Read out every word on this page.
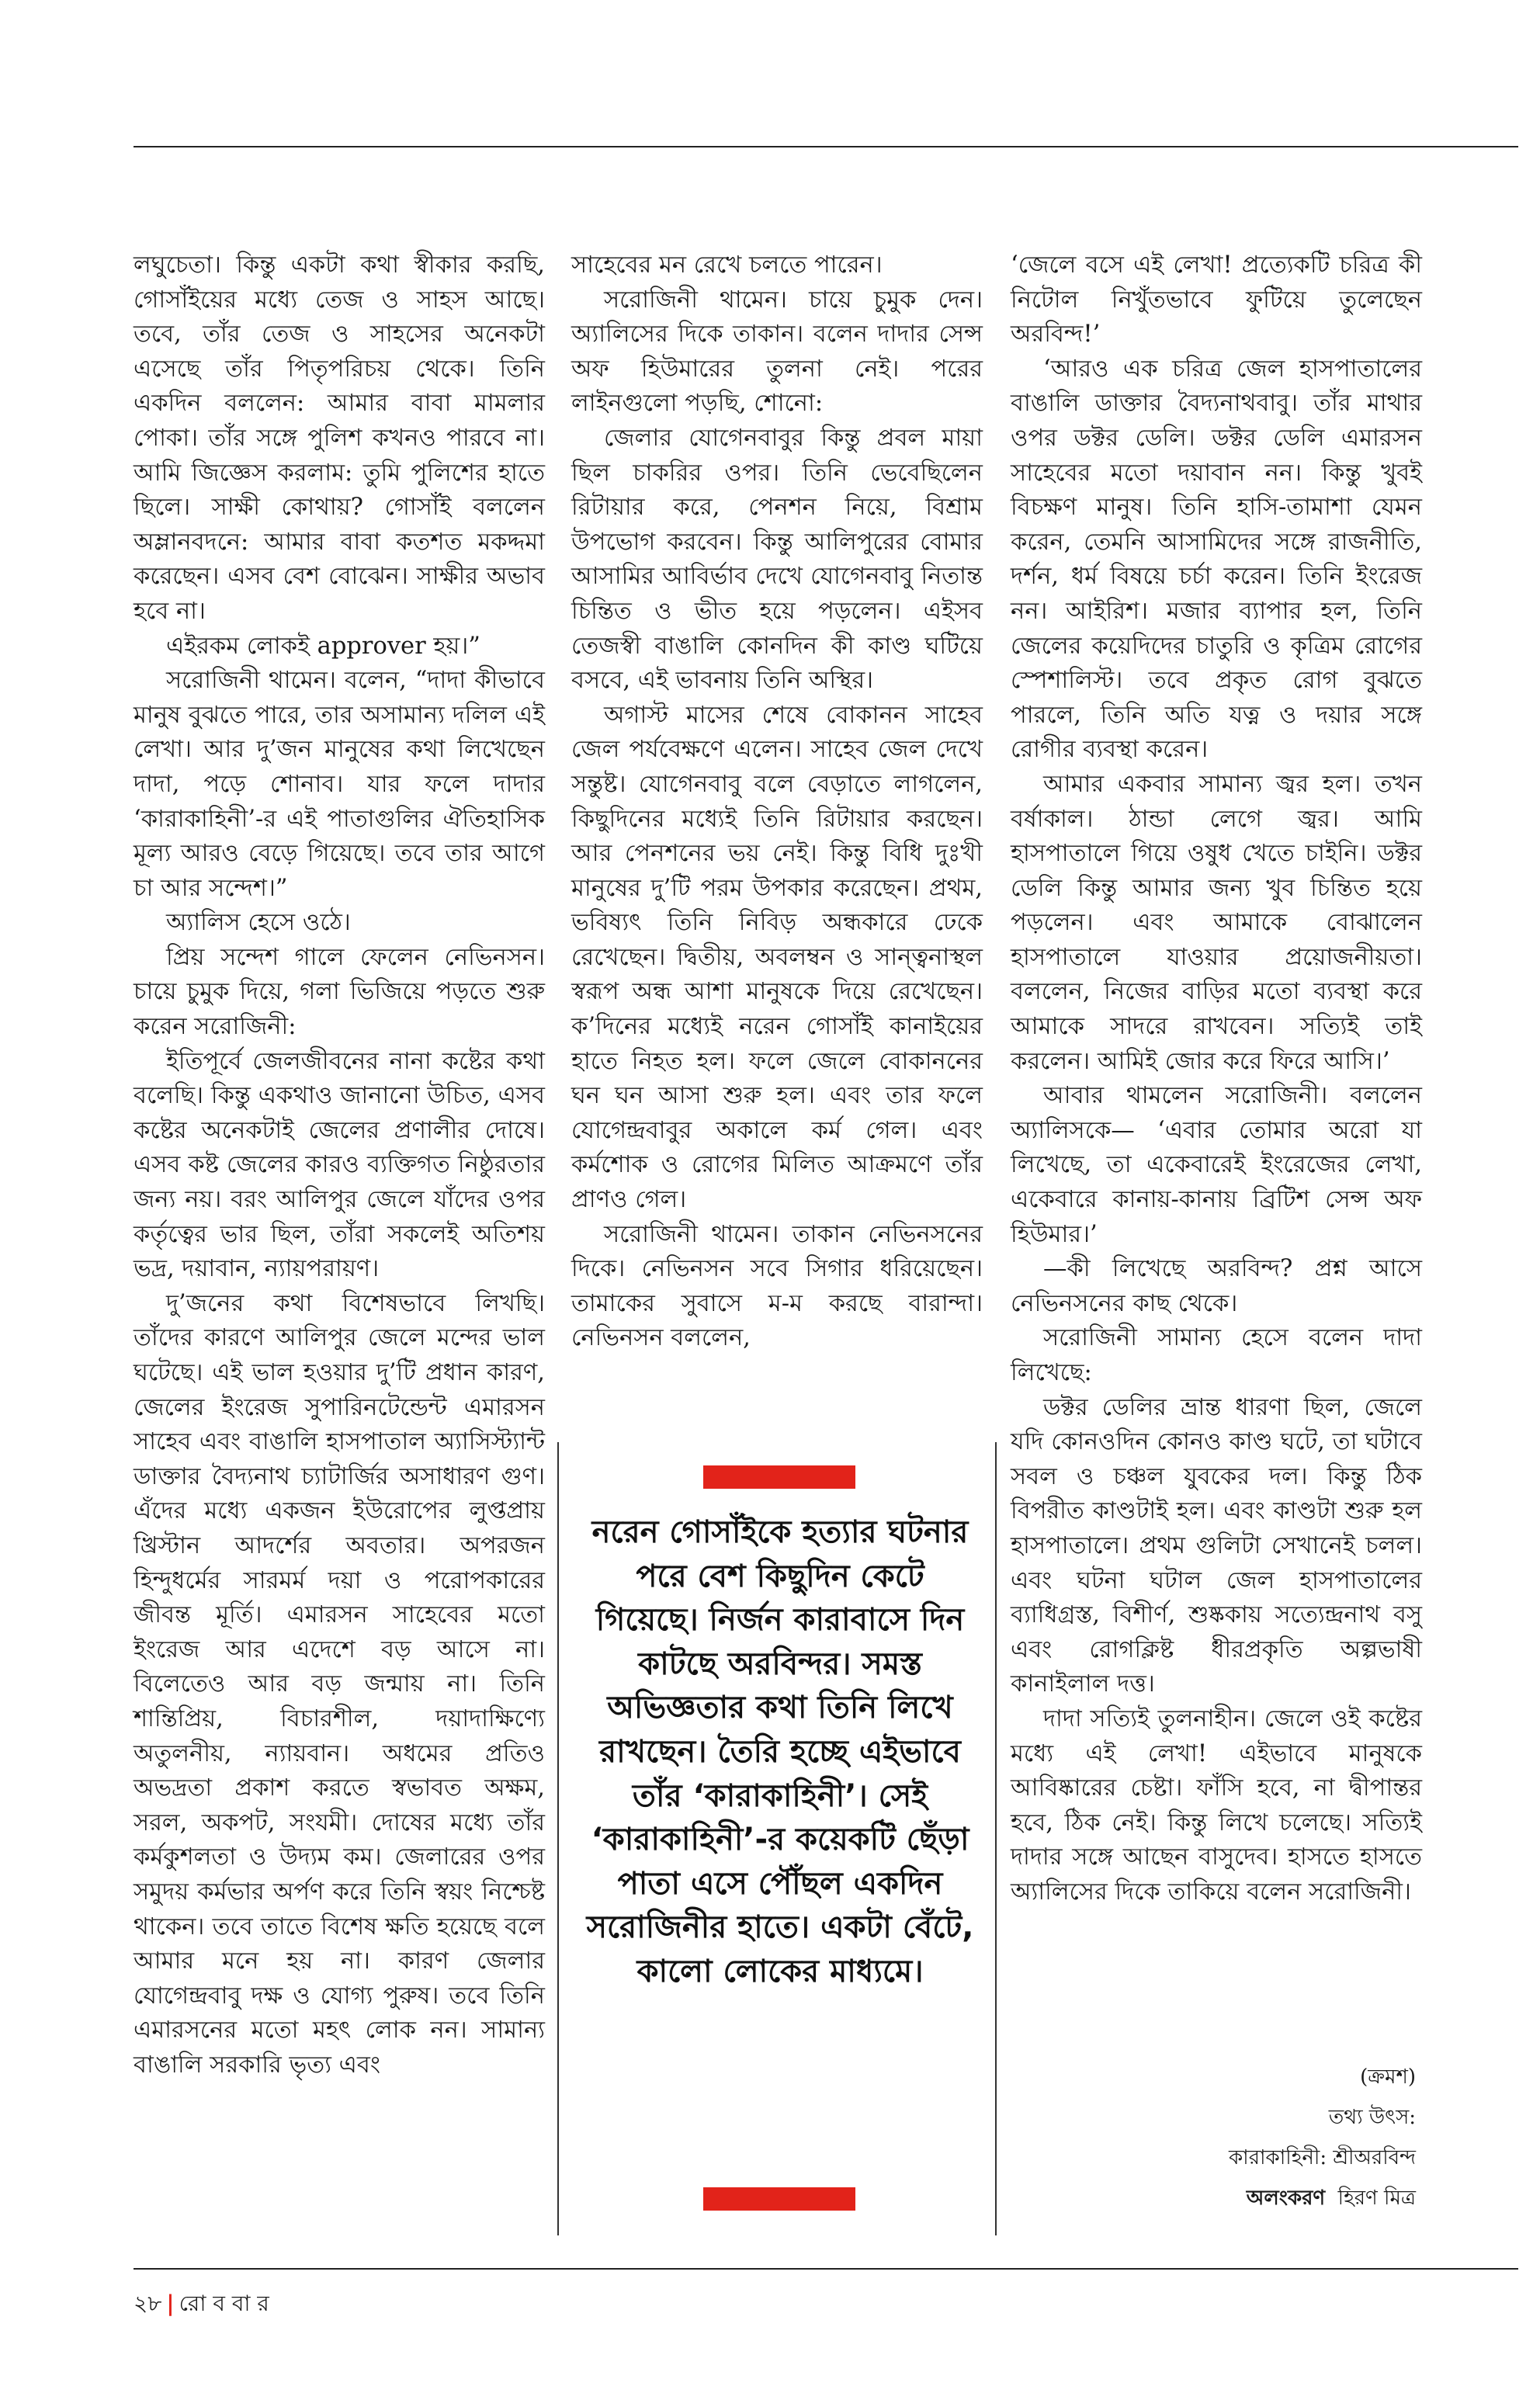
লঘুচেতা। কিন্তু একটা কথা স্বীকার করছি, গোসাঁইয়ের মধ্যে তেজ ও সাহস আছে। তবে, তাঁর তেজ ও সাহসের অনেকটা এসেছে তাঁর পিতৃপরিচয় থেকে। তিনি একদিন বললেন: আমার বাবা মামলার পোকা। তাঁর সঙ্গে পুলিশ কখনও পারবে না। আমি জিজ্ঞেস করলাম: তুমি পুলিশের হাতে ছিলে। সাক্ষী কোথায়? গোসাঁই বললেন অম্লানবদনে: আমার বাবা কতশত মকদ্দমা করেছেন। এসব বেশ বোঝেন। সাক্ষীর অভাব হবে না।

এইরকম লোকই approver হয়।”

সরোজিনী থামেন। বলেন, “দাদা কীভাবে মানুষ বুঝতে পারে, তার অসামান্য দলিল এই লেখা। আর দু’জন মানুষের কথা লিখেছেন দাদা, পড়ে শোনাব। যার ফলে দাদার ‘কারাকাহিনী’-র এই পাতাগুলির ঐতিহাসিক মূল্য আরও বেড়ে গিয়েছে। তবে তার আগে চা আর সন্দেশ।”

অ্যালিস হেসে ওঠে।

প্রিয় সন্দেশ গালে ফেলেন নেভিনসন। চায়ে চুমুক দিয়ে, গলা ভিজিয়ে পড়তে শুরু করেন সরোজিনী:

ইতিপূর্বে জেলজীবনের নানা কষ্টের কথা বলেছি। কিন্তু একথাও জানানো উচিত, এসব কষ্টের অনেকটাই জেলের প্রণালীর দোষে। এসব কষ্ট জেলের কারও ব্যক্তিগত নিষ্ঠুরতার জন্য নয়। বরং আলিপুর জেলে যাঁদের ওপর কর্তৃত্বের ভার ছিল, তাঁরা সকলেই অতিশয় ভদ্র, দয়াবান, ন্যায়পরায়ণ।

দু’জনের কথা বিশেষভাবে লিখছি। তাঁদের কারণে আলিপুর জেলে মন্দের ভাল ঘটেছে। এই ভাল হওয়ার দু’টি প্রধান কারণ, জেলের ইংরেজ সুপারিনটেন্ডেন্ট এমারসন সাহেব এবং বাঙালি হাসপাতাল অ্যাসিস্ট্যান্ট ডাক্তার বৈদ্যনাথ চ্যাটার্জির অসাধারণ গুণ। এঁদের মধ্যে একজন ইউরোপের লুপ্তপ্রায় খ্রিস্টান আদর্শের অবতার। অপরজন হিন্দুধর্মের সারমর্ম দয়া ও পরোপকারের জীবন্ত মূর্তি। এমারসন সাহেবের মতো ইংরেজ আর এদেশে বড় আসে না। বিলেতেও আর বড় জন্মায় না। তিনি শান্তিপ্রিয়, বিচারশীল, দয়াদাক্ষিণ্যে অতুলনীয়, ন্যায়বান। অধমের প্রতিও অভদ্রতা প্রকাশ করতে স্বভাবত অক্ষম, সরল, অকপট, সংযমী। দোষের মধ্যে তাঁর কর্মকুশলতা ও উদ্যম কম। জেলারের ওপর সমুদয় কর্মভার অর্পণ করে তিনি স্বয়ং নিশ্চেষ্ট থাকেন। তবে তাতে বিশেষ ক্ষতি হয়েছে বলে আমার মনে হয় না। কারণ জেলার যোগেন্দ্রবাবু দক্ষ ও যোগ্য পুরুষ। তবে তিনি এমারসনের মতো মহৎ লোক নন। সামান্য বাঙালি সরকারি ভৃত্য এবং

সাহেবের মন রেখে চলতে পারেন।

সরোজিনী থামেন। চায়ে চুমুক দেন। অ্যালিসের দিকে তাকান। বলেন দাদার সেন্স অফ হিউমারের তুলনা নেই। পরের লাইনগুলো পড়ছি, শোনো:

জেলার যোগেনবাবুর কিন্তু প্রবল মায়া ছিল চাকরির ওপর। তিনি ভেবেছিলেন রিটায়ার করে, পেনশন নিয়ে, বিশ্রাম উপভোগ করবেন। কিন্তু আলিপুরের বোমার আসামির আবির্ভাব দেখে যোগেনবাবু নিতান্ত চিন্তিত ও ভীত হয়ে পড়লেন। এইসব তেজস্বী বাঙালি কোনদিন কী কাণ্ড ঘটিয়ে বসবে, এই ভাবনায় তিনি অস্থির।

অগাস্ট মাসের শেষে বোকানন সাহেব জেল পর্যবেক্ষণে এলেন। সাহেব জেল দেখে সন্তুষ্ট। যোগেনবাবু বলে বেড়াতে লাগলেন, কিছুদিনের মধ্যেই তিনি রিটায়ার করছেন। আর পেনশনের ভয় নেই। কিন্তু বিধি দুঃখী মানুষের দু’টি পরম উপকার করেছেন। প্রথম, ভবিষ্যৎ তিনি নিবিড় অন্ধকারে ঢেকে রেখেছেন। দ্বিতীয়, অবলম্বন ও সান্ত্বনাস্থল স্বরূপ অন্ধ আশা মানুষকে দিয়ে রেখেছেন। ক’দিনের মধ্যেই নরেন গোসাঁই কানাইয়ের হাতে নিহত হল। ফলে জেলে বোকাননের ঘন ঘন আসা শুরু হল। এবং তার ফলে যোগেন্দ্রবাবুর অকালে কর্ম গেল। এবং কর্মশোক ও রোগের মিলিত আক্রমণে তাঁর প্রাণও গেল।

সরোজিনী থামেন। তাকান নেভিনসনের দিকে। নেভিনসন সবে সিগার ধরিয়েছেন। তামাকের সুবাসে ম-ম করছে বারান্দা। নেভিনসন বললেন,

নরেন গোসাঁইকে হত্যার ঘটনার পরে বেশ কিছুদিন কেটে গিয়েছে। নির্জন কারাবাসে দিন কাটছে অরবিন্দর। সমস্ত অভিজ্ঞতার কথা তিনি লিখে রাখছেন। তৈরি হচ্ছে এইভাবে তাঁর ‘কারাকাহিনী’। সেই ‘কারাকাহিনী’-র কয়েকটি ছেঁড়া পাতা এসে পৌঁছল একদিন সরোজিনীর হাতে। একটা বেঁটে, কালো লোকের মাধ্যমে।

‘জেলে বসে এই লেখা! প্রত্যেকটি চরিত্র কী নিটোল নিখুঁতভাবে ফুটিয়ে তুলেছেন অরবিন্দ!’

‘আরও এক চরিত্র জেল হাসপাতালের বাঙালি ডাক্তার বৈদ্যনাথবাবু। তাঁর মাথার ওপর ডক্টর ডেলি। ডক্টর ডেলি এমারসন সাহেবের মতো দয়াবান নন। কিন্তু খুবই বিচক্ষণ মানুষ। তিনি হাসি-তামাশা যেমন করেন, তেমনি আসামিদের সঙ্গে রাজনীতি, দর্শন, ধর্ম বিষয়ে চর্চা করেন। তিনি ইংরেজ নন। আইরিশ। মজার ব্যাপার হল, তিনি জেলের কয়েদিদের চাতুরি ও কৃত্রিম রোগের স্পেশালিস্ট। তবে প্রকৃত রোগ বুঝতে পারলে, তিনি অতি যত্ন ও দয়ার সঙ্গে রোগীর ব্যবস্থা করেন।

আমার একবার সামান্য জ্বর হল। তখন বর্ষাকাল। ঠান্ডা লেগে জ্বর। আমি হাসপাতালে গিয়ে ওষুধ খেতে চাইনি। ডক্টর ডেলি কিন্তু আমার জন্য খুব চিন্তিত হয়ে পড়লেন। এবং আমাকে বোঝালেন হাসপাতালে যাওয়ার প্রয়োজনীয়তা। বললেন, নিজের বাড়ির মতো ব্যবস্থা করে আমাকে সাদরে রাখবেন। সত্যিই তাই করলেন। আমিই জোর করে ফিরে আসি।’

আবার থামলেন সরোজিনী। বললেন অ্যালিসকে— ‘এবার তোমার অরো যা লিখেছে, তা একেবারেই ইংরেজের লেখা, একেবারে কানায়-কানায় ব্রিটিশ সেন্স অফ হিউমার।’

—কী লিখেছে অরবিন্দ? প্রশ্ন আসে নেভিনসনের কাছ থেকে।

সরোজিনী সামান্য হেসে বলেন দাদা লিখেছে:

ডক্টর ডেলির ভ্রান্ত ধারণা ছিল, জেলে যদি কোনওদিন কোনও কাণ্ড ঘটে, তা ঘটাবে সবল ও চঞ্চল যুবকের দল। কিন্তু ঠিক বিপরীত কাণ্ডটাই হল। এবং কাণ্ডটা শুরু হল হাসপাতালে। প্রথম গুলিটা সেখানেই চলল। এবং ঘটনা ঘটাল জেল হাসপাতালের ব্যাধিগ্রস্ত, বিশীর্ণ, শুষ্ককায় সত্যেন্দ্রনাথ বসু এবং রোগক্লিষ্ট ধীরপ্রকৃতি অল্পভাষী কানাইলাল দত্ত।

দাদা সত্যিই তুলনাহীন। জেলে ওই কষ্টের মধ্যে এই লেখা! এইভাবে মানুষকে আবিষ্কারের চেষ্টা। ফাঁসি হবে, না দ্বীপান্তর হবে, ঠিক নেই। কিন্তু লিখে চলেছে। সত্যিই দাদার সঙ্গে আছেন বাসুদেব। হাসতে হাসতে অ্যালিসের দিকে তাকিয়ে বলেন সরোজিনী।

(ক্রমশ)
তথ্য উৎস:
কারাকাহিনী: শ্রীঅরবিন্দ
অলংকরণ হিরণ মিত্র
২৮ | রো ব বা র
